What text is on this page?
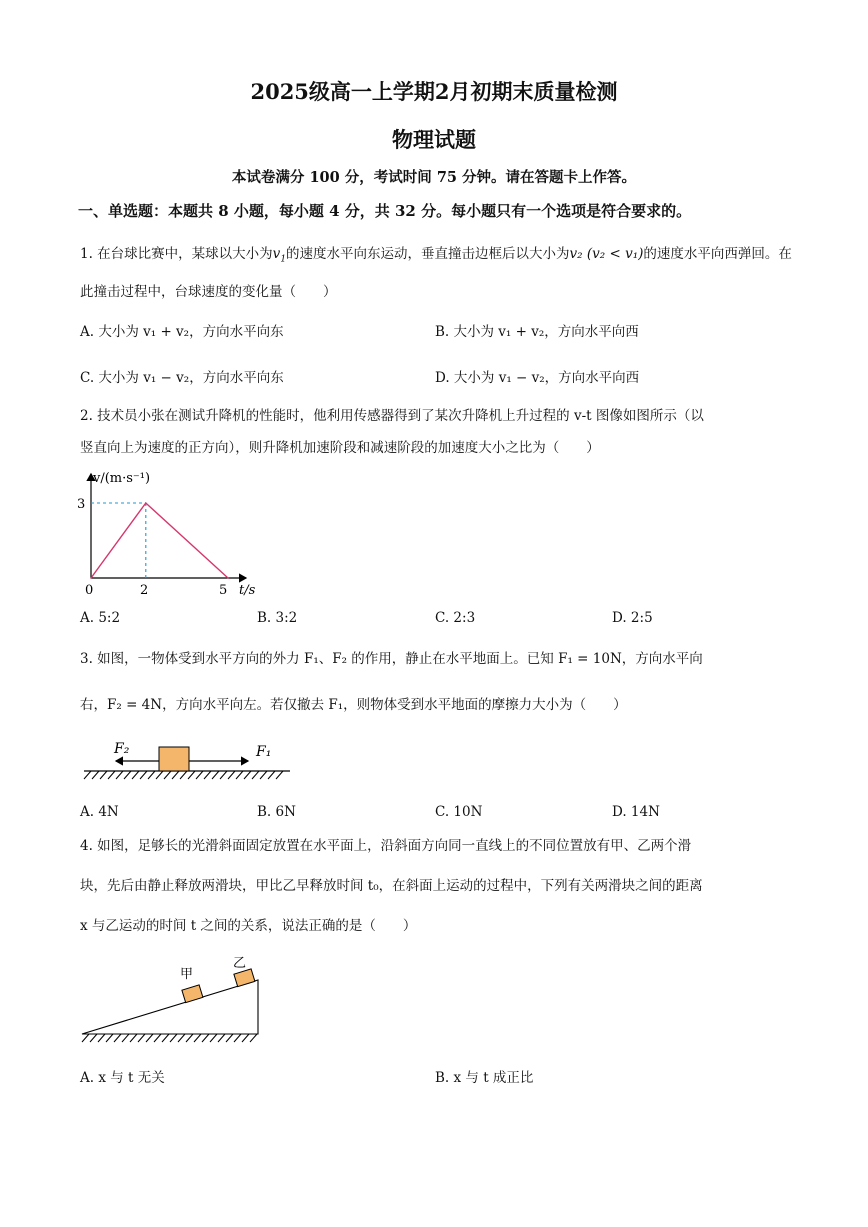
2025级高一上学期2月初期末质量检测
物理试题
本试卷满分 100 分，考试时间 75 分钟。请在答题卡上作答。
一、单选题：本题共 8 小题，每小题 4 分，共 32 分。每小题只有一个选项是符合要求的。
1. 在台球比赛中，某球以大小为$v_1$的速度水平向东运动，垂直撞击边框后以大小为v₂ (v₂ < v₁)的速度水平向西弹回。在此撞击过程中，台球速度的变化量（　　）
A. 大小为 v₁ + v₂，方向水平向东	B. 大小为 v₁ + v₂，方向水平向西
C. 大小为 v₁ − v₂，方向水平向东	D. 大小为 v₁ − v₂，方向水平向西
2. 技术员小张在测试升降机的性能时，他利用传感器得到了某次升降机上升过程的 v-t 图像如图所示（以
竖直向上为速度的正方向），则升降机加速阶段和减速阶段的加速度大小之比为（　　）
v/(m·s⁻¹)
t/s
3
0	2	5
A. 5:2	B. 3:2	C. 2:3	D. 2:5
3. 如图，一物体受到水平方向的外力 F₁、F₂ 的作用，静止在水平地面上。已知 F₁ = 10N，方向水平向
右，F₂ = 4N，方向水平向左。若仅撤去 F₁，则物体受到水平地面的摩擦力大小为（　　）
F₂	F₁
A. 4N	B. 6N	C. 10N	D. 14N
4. 如图，足够长的光滑斜面固定放置在水平面上，沿斜面方向同一直线上的不同位置放有甲、乙两个滑
块，先后由静止释放两滑块，甲比乙早释放时间 t₀，在斜面上运动的过程中，下列有关两滑块之间的距离
x 与乙运动的时间 t 之间的关系，说法正确的是（　　）
甲
乙
A. x 与 t 无关	B. x 与 t 成正比
